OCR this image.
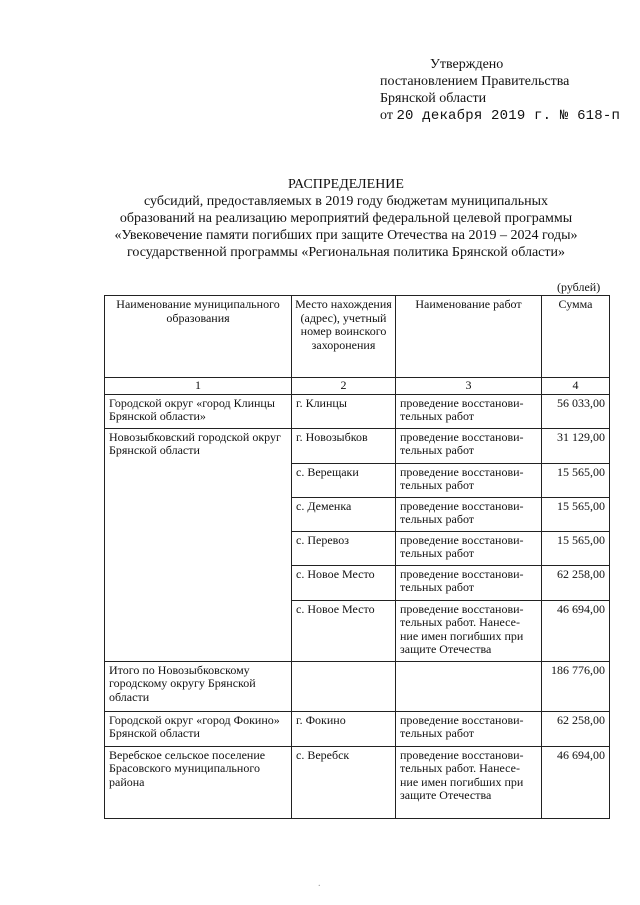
Утверждено
постановлением Правительства
Брянской области
от 20 декабря 2019 г. № 618-п
РАСПРЕДЕЛЕНИЕ
субсидий, предоставляемых в 2019 году бюджетам муниципальных
образований на реализацию мероприятий федеральной целевой программы
«Увековечение памяти погибших при защите Отечества на 2019 – 2024 годы»
государственной программы «Региональная политика Брянской области»
(рублей)
Наименование муниципального образования	Место нахождения (адрес), учетный номер воинского захоронения	Наименование работ	Сумма
1	2	3	4
Городской округ «город Клинцы Брянской области»	г. Клинцы	проведение восстанови-тельных работ	56 033,00
Новозыбковский городской округ Брянской области	г. Новозыбков	проведение восстанови-тельных работ	31 129,00
	с. Верещаки	проведение восстанови-тельных работ	15 565,00
	с. Деменка	проведение восстанови-тельных работ	15 565,00
	с. Перевоз	проведение восстанови-тельных работ	15 565,00
	с. Новое Место	проведение восстанови-тельных работ	62 258,00
	с. Новое Место	проведение восстанови-тельных работ. Нанесе-ние имен погибших при защите Отечества	46 694,00
Итого по Новозыбковскому городскому округу Брянской области			186 776,00
Городской округ «город Фокино» Брянской области	г. Фокино	проведение восстанови-тельных работ	62 258,00
Веребское сельское поселение Брасовского муниципального района	с. Веребск	проведение восстанови-тельных работ. Нанесе-ние имен погибших при защите Отечества	46 694,00
.
